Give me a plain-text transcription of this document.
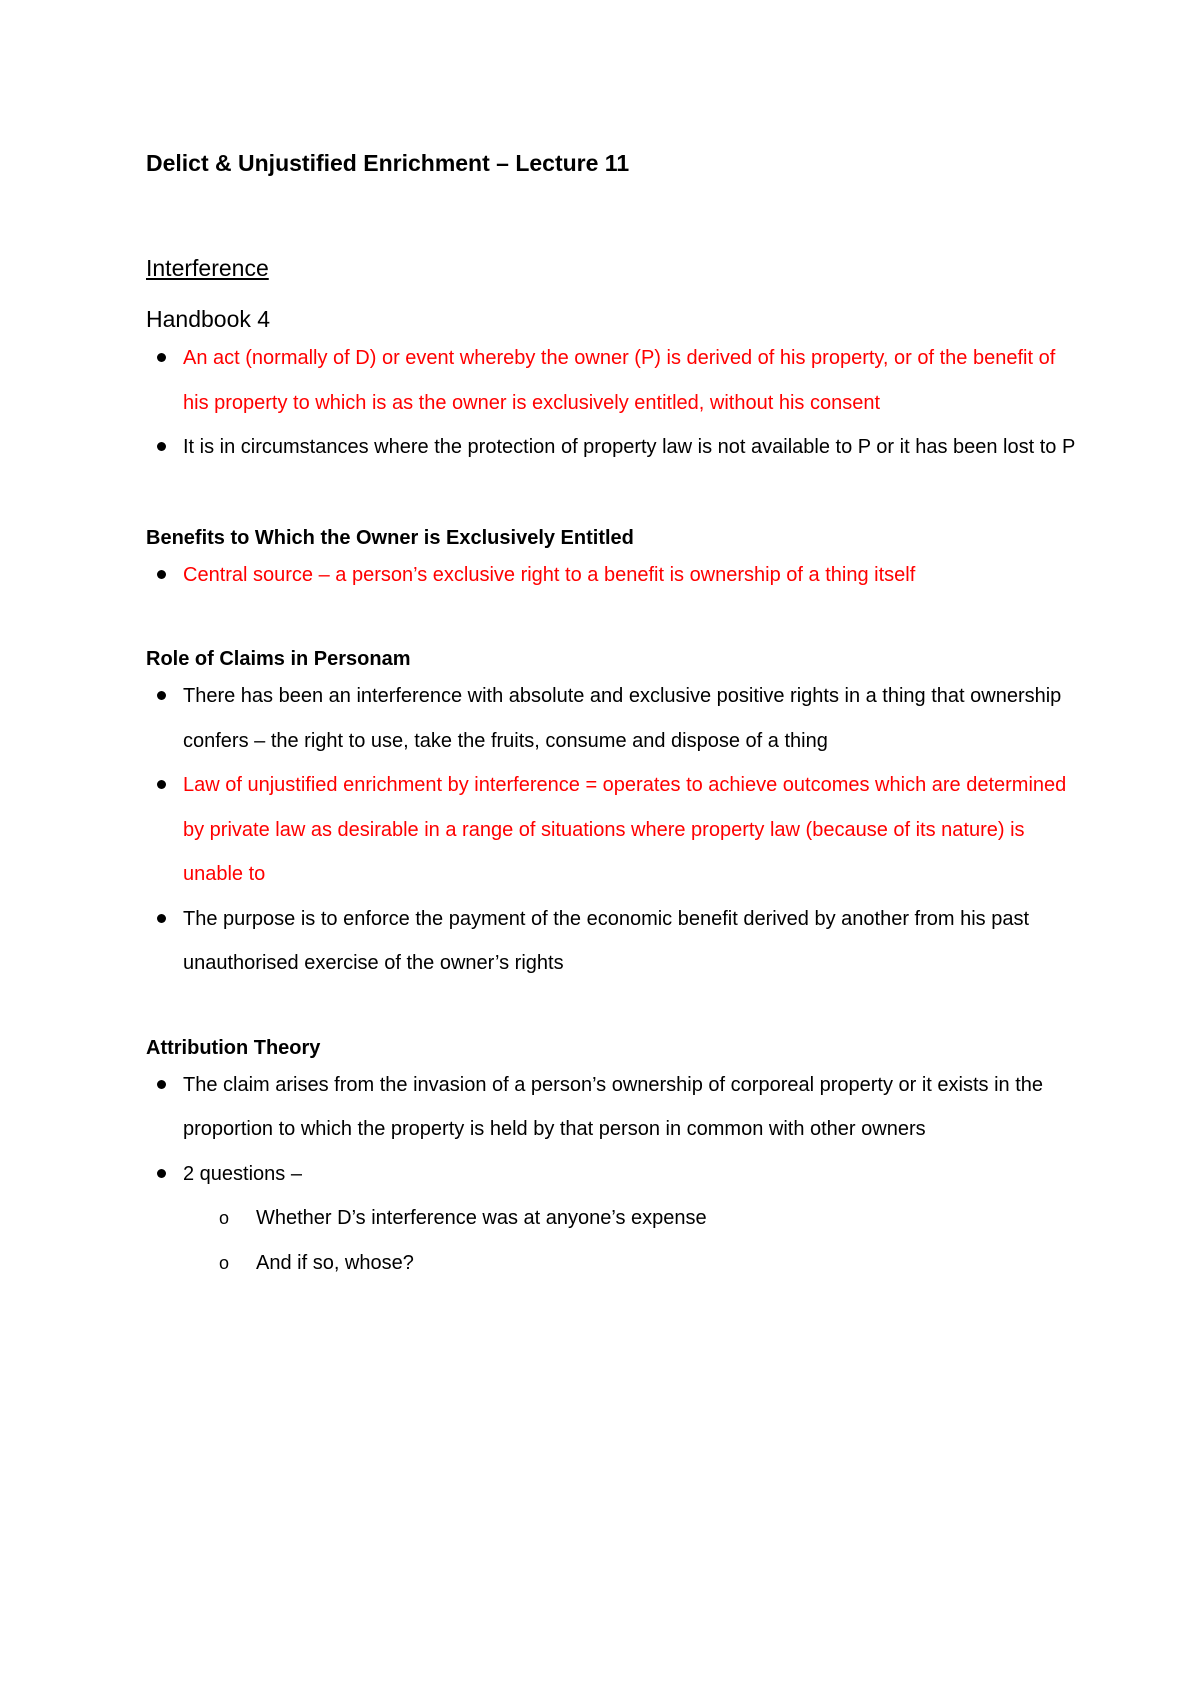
Delict & Unjustified Enrichment – Lecture 11
Interference
Handbook 4
An act (normally of D) or event whereby the owner (P) is derived of his property, or of the benefit of his property to which is as the owner is exclusively entitled, without his consent
It is in circumstances where the protection of property law is not available to P or it has been lost to P
Benefits to Which the Owner is Exclusively Entitled
Central source – a person’s exclusive right to a benefit is ownership of a thing itself
Role of Claims in Personam
There has been an interference with absolute and exclusive positive rights in a thing that ownership confers – the right to use, take the fruits, consume and dispose of a thing
Law of unjustified enrichment by interference = operates to achieve outcomes which are determined by private law as desirable in a range of situations where property law (because of its nature) is unable to
The purpose is to enforce the payment of the economic benefit derived by another from his past unauthorised exercise of the owner’s rights
Attribution Theory
The claim arises from the invasion of a person’s ownership of corporeal property or it exists in the proportion to which the property is held by that person in common with other owners
2 questions –
o Whether D’s interference was at anyone’s expense
o And if so, whose?
